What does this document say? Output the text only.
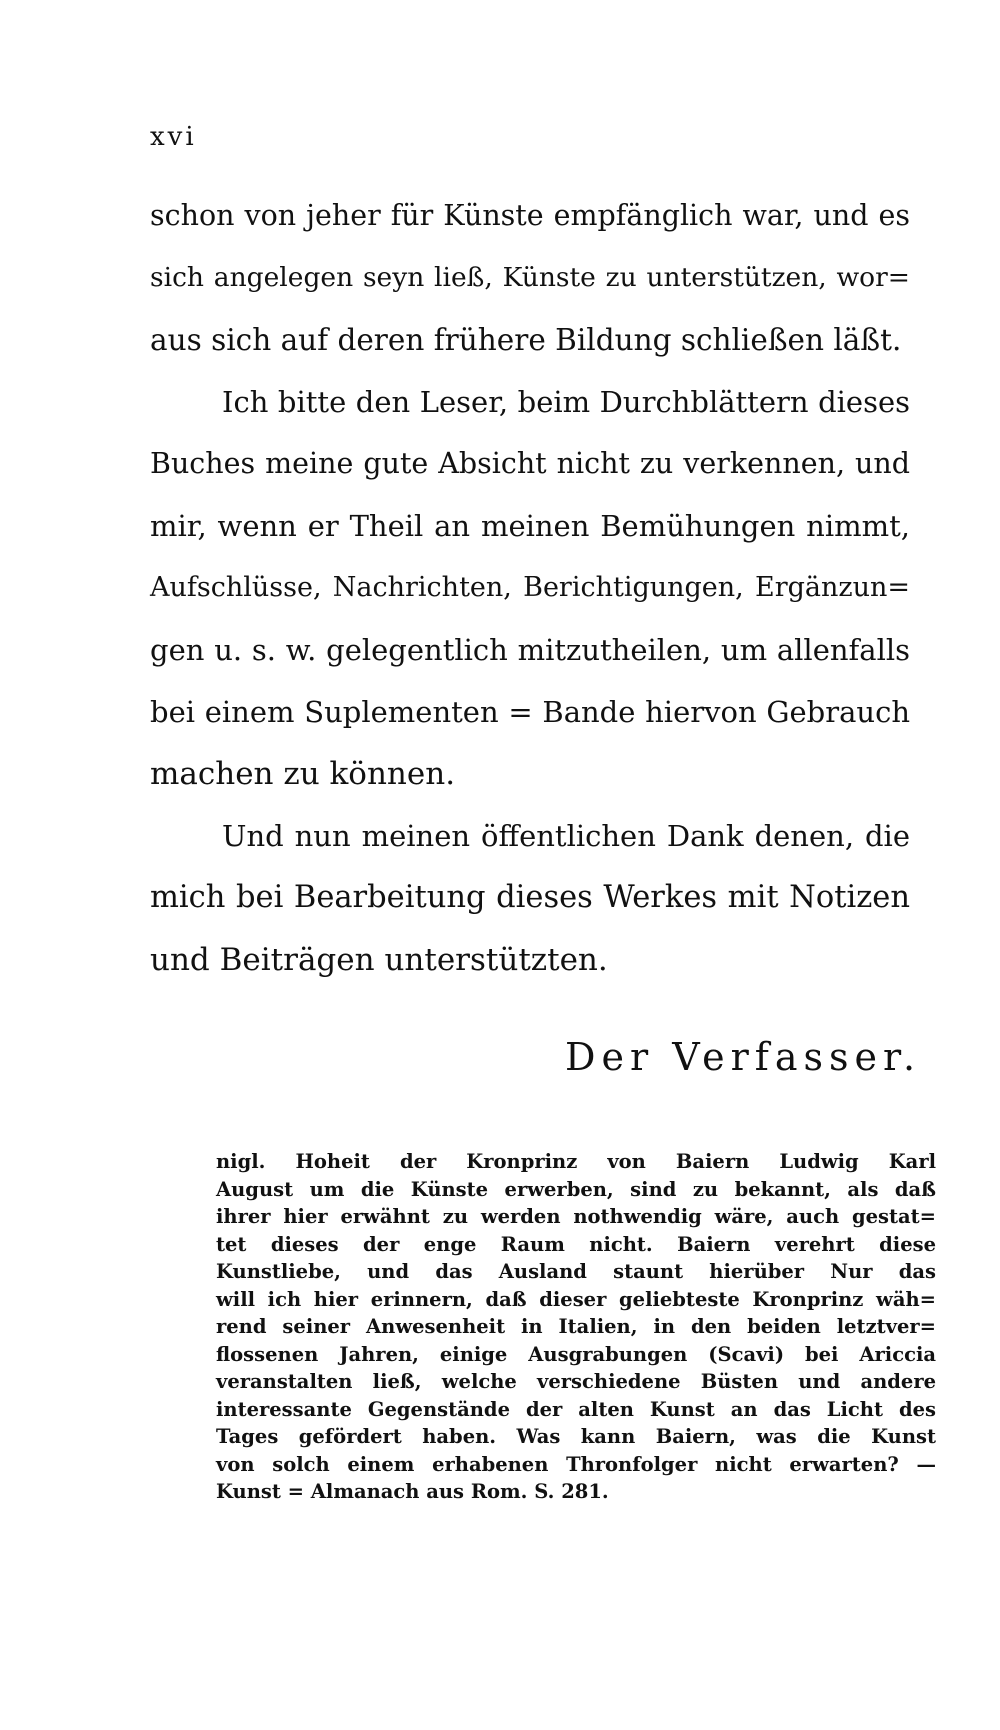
xvi
schon von jeher für Künste empfänglich war, und es
sich angelegen seyn ließ, Künste zu unterstützen, wor=
aus sich auf deren frühere Bildung schließen läßt.
Ich bitte den Leser, beim Durchblättern dieses
Buches meine gute Absicht nicht zu verkennen, und
mir, wenn er Theil an meinen Bemühungen nimmt,
Aufschlüsse, Nachrichten, Berichtigungen, Ergänzun=
gen u. s. w. gelegentlich mitzutheilen, um allenfalls
bei einem Suplementen = Bande hiervon Gebrauch
machen zu können.
Und nun meinen öffentlichen Dank denen, die
mich bei Bearbeitung dieses Werkes mit Notizen
und Beiträgen unterstützten.
Der Verfasser.
nigl. Hoheit der Kronprinz von Baiern Ludwig Karl
August um die Künste erwerben, sind zu bekannt, als daß
ihrer hier erwähnt zu werden nothwendig wäre, auch gestat=
tet dieses der enge Raum nicht. Baiern verehrt diese
Kunstliebe, und das Ausland staunt hierüber Nur das
will ich hier erinnern, daß dieser geliebteste Kronprinz wäh=
rend seiner Anwesenheit in Italien, in den beiden letztver=
flossenen Jahren, einige Ausgrabungen (Scavi) bei Ariccia
veranstalten ließ, welche verschiedene Büsten und andere
interessante Gegenstände der alten Kunst an das Licht des
Tages gefördert haben. Was kann Baiern, was die Kunst
von solch einem erhabenen Thronfolger nicht erwarten? —
Kunst = Almanach aus Rom. S. 281.
